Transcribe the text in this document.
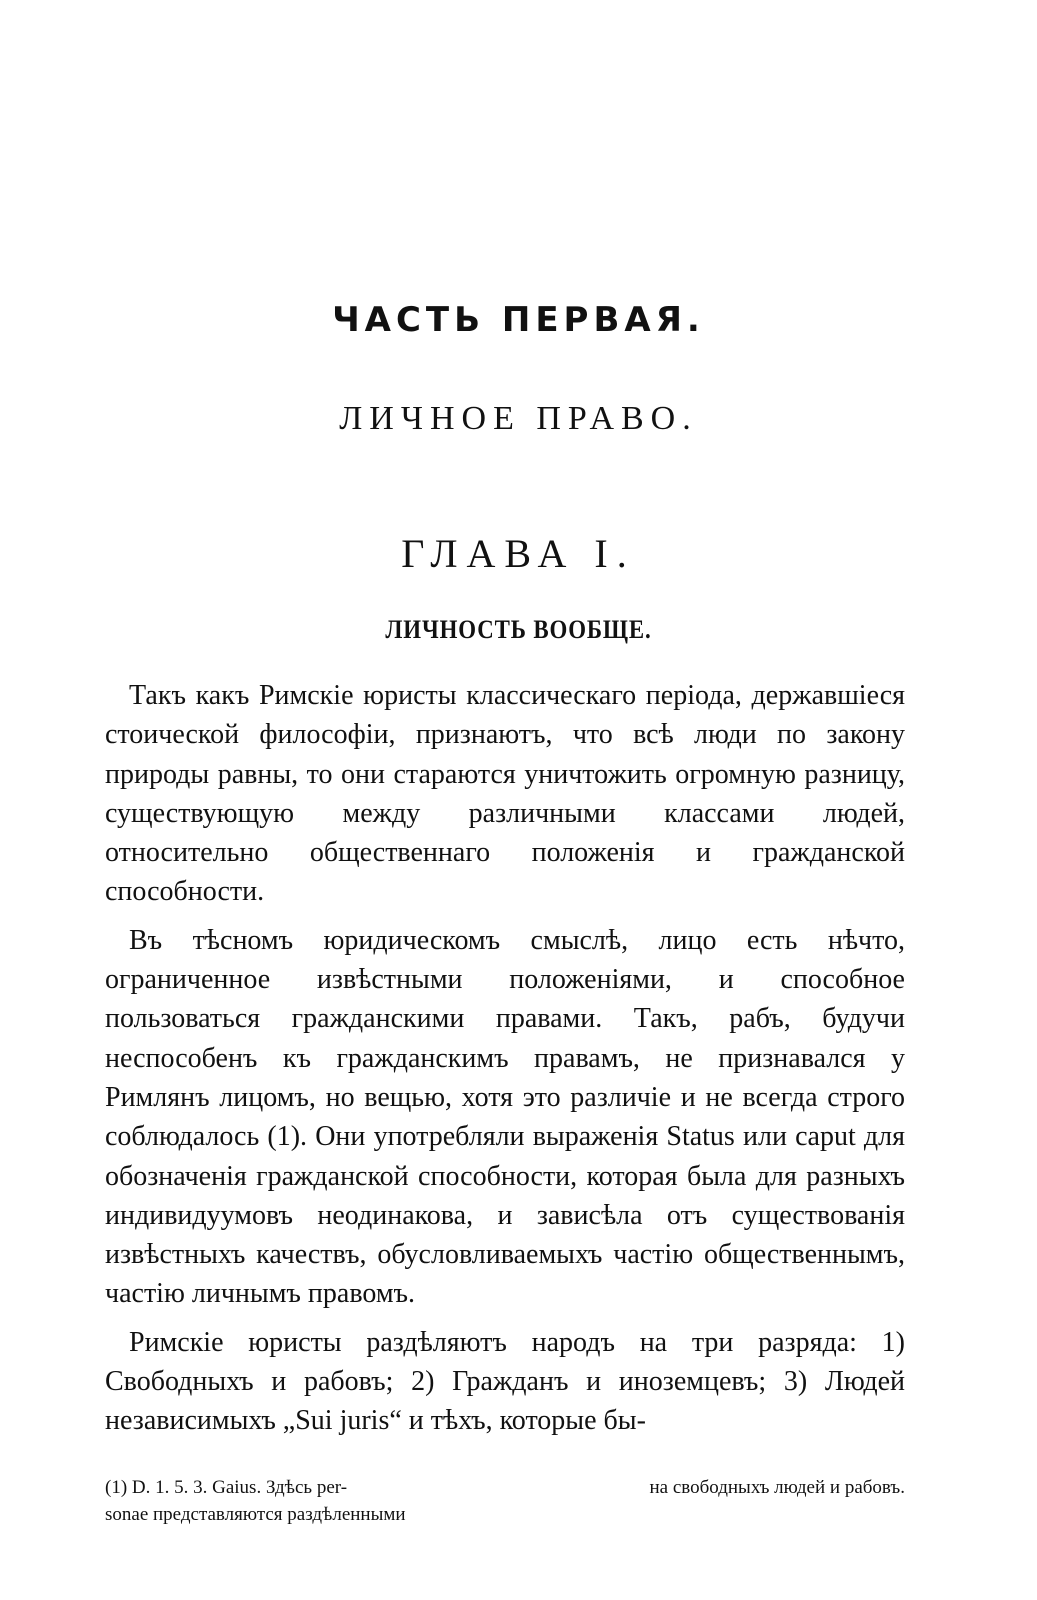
ЧАСТЬ ПЕРВАЯ.
ЛИЧНОЕ ПРАВО.
ГЛАВА I.
ЛИЧНОСТЬ ВООБЩЕ.

Такъ какъ Римскіе юристы классическаго періода, державшіеся стоической философіи, признаютъ, что всѣ люди по закону природы равны, то они стараются уничтожить огромную разницу, существующую между различными классами людей, относительно общественнаго положенія и гражданской способности.

Въ тѣсномъ юридическомъ смыслѣ, лицо есть нѣчто, ограниченное извѣстными положеніями, и способное пользоваться гражданскими правами. Такъ, рабъ, будучи неспособенъ къ гражданскимъ правамъ, не признавался у Римлянъ лицомъ, но вещью, хотя это различіе и не всегда строго соблюдалось (1). Они употребляли выраженія Status или caput для обозначенія гражданской способности, которая была для разныхъ индивидуумовъ неодинакова, и зависѣла отъ существованія извѣстныхъ качествъ, обусловливаемыхъ частію общественнымъ, частію личнымъ правомъ.

Римскіе юристы раздѣляютъ народъ на три разряда: 1) Свободныхъ и рабовъ; 2) Гражданъ и иноземцевъ; 3) Людей независимыхъ „Sui juris“ и тѣхъ, которые бы-

(1) D. 1. 5. 3. Gaius. Здѣсь per-	на свободныхъ людей и рабовъ.
sonae представляются раздѣленными
